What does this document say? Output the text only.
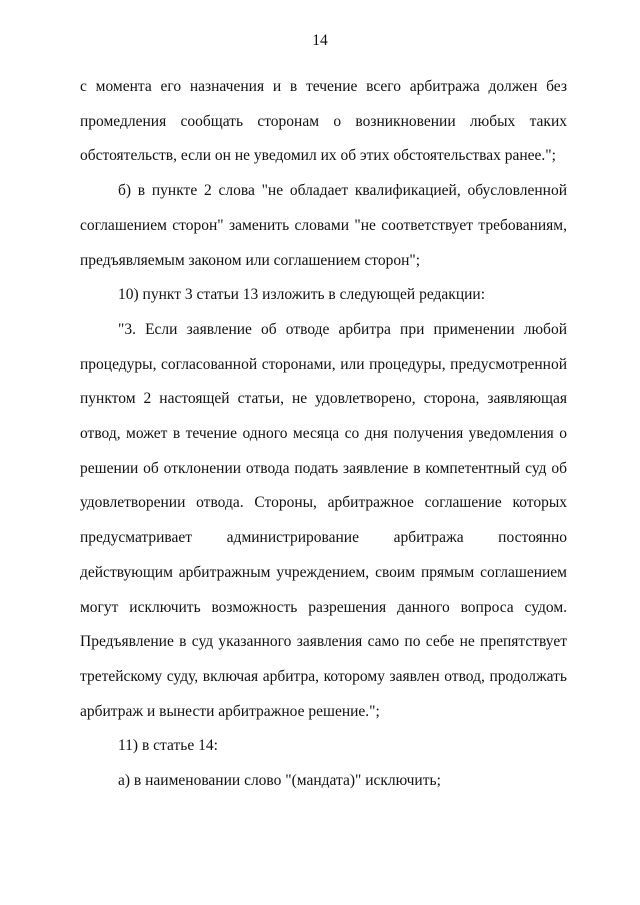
14

с момента его назначения и в течение всего арбитража должен без промедления сообщать сторонам о возникновении любых таких обстоятельств, если он не уведомил их об этих обстоятельствах ранее.";

б) в пункте 2 слова "не обладает квалификацией, обусловленной соглашением сторон" заменить словами "не соответствует требованиям, предъявляемым законом или соглашением сторон";

10) пункт 3 статьи 13 изложить в следующей редакции:

"3. Если заявление об отводе арбитра при применении любой процедуры, согласованной сторонами, или процедуры, предусмотренной пунктом 2 настоящей статьи, не удовлетворено, сторона, заявляющая отвод, может в течение одного месяца со дня получения уведомления о решении об отклонении отвода подать заявление в компетентный суд об удовлетворении отвода. Стороны, арбитражное соглашение которых предусматривает администрирование арбитража постоянно действующим арбитражным учреждением, своим прямым соглашением могут исключить возможность разрешения данного вопроса судом. Предъявление в суд указанного заявления само по себе не препятствует третейскому суду, включая арбитра, которому заявлен отвод, продолжать арбитраж и вынести арбитражное решение.";

11) в статье 14:

а) в наименовании слово "(мандата)" исключить;
